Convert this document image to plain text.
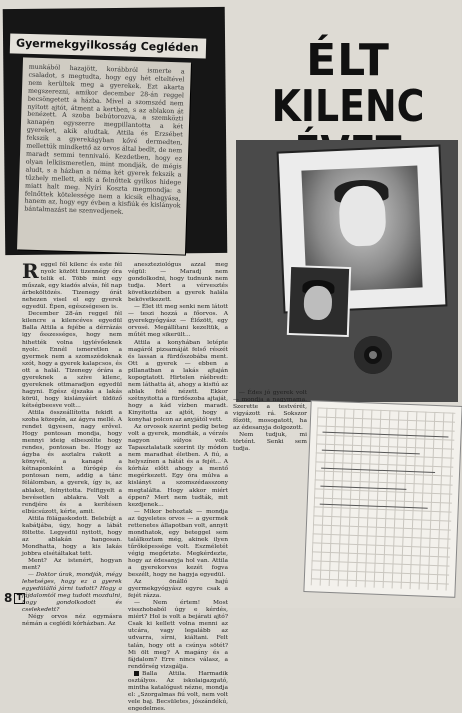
Gyermekgyilkosság Cegléden
munkából hazajött, korábbról ismerte a csaladot, s megtudta, hogy egy hét elteltével nem kerültek meg a gyerekek. Ezt akarta megszerezni, amikor december 28-án reggel becsöngetett a házba. Mivel a szomszéd nem nyitott ajtót, átment a kertben, s az ablakon át benézett. A szoba bebútorozva, a szemközti kanapén egyszerre megpillantotta a két gyereket, akik aludtak. Attila és Erzsébet fekszik a gyerekágyban kővé dermedten, mellettük mindkettő az orvos által bedlt, de nem maradt semmi tennivaló. Kezdetben, hogy ez olyan lelkiismeretlen, mint mondják, de mégis aludt, s a házban a néma két gyerek fekszik a tűzhely mellett, akik a felnőttek gyilkos hidege miatt halt meg. Nyíri Koszta megmondja: a felnőttek kötelessége nem a kicsik elhagyása, hanem az, hogy egy évben a kisfiúk és kislányok bántalmazást ne szenvedjenek.
ÉLT
KILENC

Reggel fél kilenc és este fél nyolc között tizennégy óra telik el. Több mint egy műszak, egy kiadós alvás, fél nap árbeköltözés. Tizenegy órát nehezen visel el egy gyerek egyedül. Épen, egészségesen is.

December 28-án reggel fél kilencre a kilencéves egyedül Balla Attila a fejébe a dérrázás igy ősszességes, hogy nem hihették volna igylévőeknek nyolc. Ennél ismeretlen a gyermek nem a szomszédoknak szót, hogy a gyerek kalapcsos, és ott a halál. Tizenegy órára a gyereknek a szíve kilenc, gyereknek ottmaradjon egyedül hagyni. Egész éjszaka a lakás körül, hogy kislányáért üldöző kétségbeesve volt...

Attila összeállította fekidt a szoba közepén, az ágyra mellé. A rendet ügyesen, nagy erővel. Hogy pontosan mondja, hogy mennyi ideig elbeszélte hogy rendes, pontosan be. Hogy az ágyba és asztalra rakott a könyvét, a kanapé a kétnaponként a fúrógép és pontosan nem, addig a tánc félálomban, a gyerek, így is, az ablakot, felnyitotta. Felfigyelt a bevésetlen ablakra. Volt a rendjére és a kerítésen elbúcsúzott, kérte, amit.

Attila fölágaskodott. Belebújt a kabátjába, úgy, hogy a lábát föltette. Legyedül nyitott, hogy az ablakán hangosan. Mondhatta, hogy a kis lakás jobbra elsétáltakat tett.

Ment? Az istenért, hogyan ment?

— Doktor úrak, mondják, mégy lehetséges, hogy ez a gyerek egyedülálló járni tudott? Hogy a fájdalomtól meg tudott mozdulni, hogy gondolkodott és cselekedett?

Négy orvos néz egymásra némán a ceglédi kórházban. Az

aneszteziológus azzal meg végül: — Maradj nem gondolkodni, hogy tudnunk nem tudja. Mert a vérvesztés következtében a gyerek halála bekövetkezett.

— Élet itt meg senki nem látott — teszi hozzá a főorvos. A gyerekgyógyász — Élőzött, egy orvosé. Megállítani kezeltük, a műtét meg sikerült...

Attila a konyhában letépte magáról pizsamáját felső részét és lassan a fürdőszobába ment. Ott a gyerek — ebben a pillanatban a lakás ajtaján kopogtatott. Hirtelen ráébredt: nem láthatta át, ahogy a kisfiú az ablak felé nézett. Ekkor szétnyitotta a fürdőszoba ajtaját, hogy a kád vízben maradt. Kinyitotta az ajtót, hogy a konyhai polcon az anyjától vett.

Az orvosok szerint pedig beteg volt a gyerek, mondták, a vérzés nagyon súlyos volt. Tapasztalataik szerint ily módon nem maradhat életben. A fiú, a helyszínen a hátát és a fejét... A kórház előtt ahogy a mentő megérkezett. Egy óra múlva a kislányt a szomszédasszony megtalálta. Hogy akkor miért éppen? Mert nem tudták, mit kezdjenek...

— Mikor behoztak — mondja az ügyeletes orvos — a gyermek rettenetes állapotban volt, annyit mondhatok, egy beteggel sem találkoztam még, akinek ilyen tűrőképessége volt. Eszméletét végig megőrizte. Megkérdezte, hogy az édesanyja hol van. Attila a gyerekorvos kezét fogva beszélt, hogy ne hagyja egyedül.

Az önálló hajú gyermekgyógyász egyre csak a fejét rázza.

— Nem értem! Most visszhobaból úgy e kérdés, miért? Hol is volt a bejárati ajtó? Csak ki kellett volna menni az utcára, vagy legalább az udvarra, sírni, kiáltani. Felt talán, hogy ott a csúnya sötét? Mi ölt meg? A magány és a fájdalom? Erre nincs válasz, a rendőrség vizsgálja.

Balla Attila. Harmadik osztályos. Az iskolaigazgató, mintha katalógust nézne, mondja el: „Szorgalmas fiú volt, nem volt vele baj. Becsületes, jószándékú, engedelmes.

— Édes jó gyerek volt — mondja a nagymama. Szerette a testvérét, vigyázott rá. Sokszor főzött, mosogatott, ha az édesanyja dolgozott.

Nem tudjuk, mi történt. Senki sem tudja.

8 T
